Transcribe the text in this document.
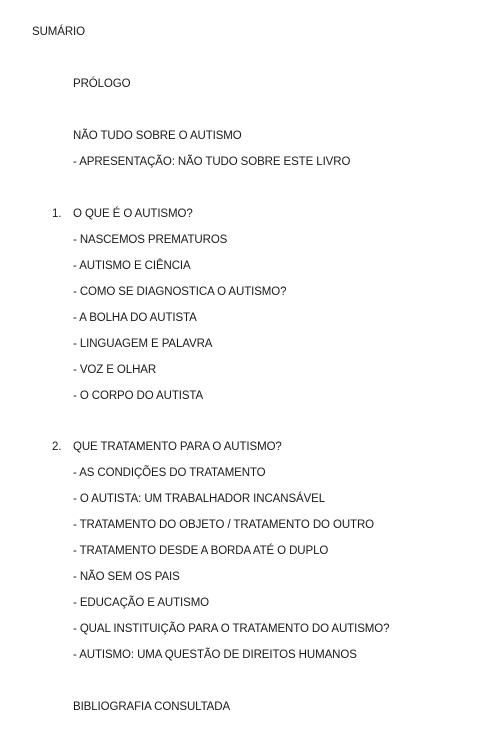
SUMÁRIO
PRÓLOGO
NÃO TUDO SOBRE O AUTISMO
- APRESENTAÇÃO: NÃO TUDO SOBRE ESTE LIVRO
1. O QUE É O AUTISMO?
- NASCEMOS PREMATUROS
- AUTISMO E CIÊNCIA
- COMO SE DIAGNOSTICA O AUTISMO?
- A BOLHA DO AUTISTA
- LINGUAGEM E PALAVRA
- VOZ E OLHAR
- O CORPO DO AUTISTA
2. QUE TRATAMENTO PARA O AUTISMO?
- AS CONDIÇÕES DO TRATAMENTO
- O AUTISTA: UM TRABALHADOR INCANSÁVEL
- TRATAMENTO DO OBJETO / TRATAMENTO DO OUTRO
- TRATAMENTO DESDE A BORDA ATÉ O DUPLO
- NÃO SEM OS PAIS
- EDUCAÇÃO E AUTISMO
- QUAL INSTITUIÇÃO PARA O TRATAMENTO DO AUTISMO?
- AUTISMO: UMA QUESTÃO DE DIREITOS HUMANOS
BIBLIOGRAFIA CONSULTADA
